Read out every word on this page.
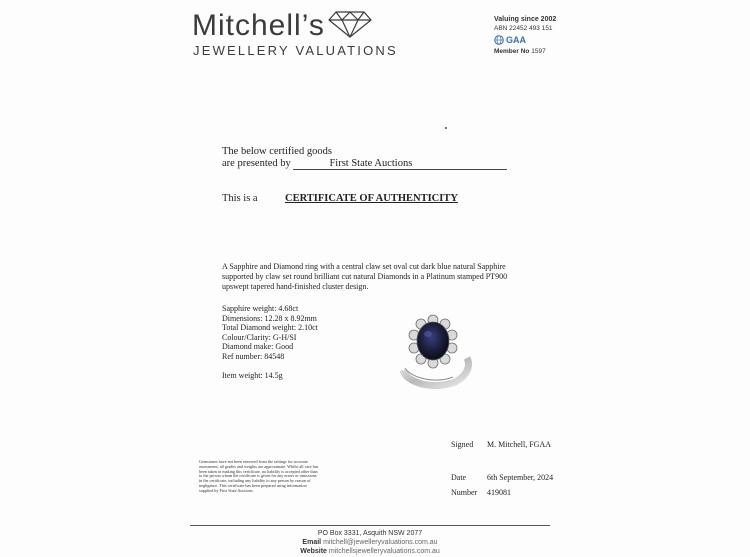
Mitchell’s
JEWELLERY VALUATIONS
Valuing since 2002
ABN 22452 493 151
GAA
Member No 1597
The below certified goods
are presented by	First State Auctions
This is a	CERTIFICATE OF AUTHENTICITY
A Sapphire and Diamond ring with a central claw set oval cut dark blue natural Sapphire supported by claw set round brilliant cut natural Diamonds in a Platinum stamped PT900 upswept tapered hand-finished cluster design.
Sapphire weight: 4.68ct
Dimensions: 12.28 x 8.92mm
Total Diamond weight: 2.10ct
Colour/Clarity: G-H/SI
Diamond make: Good
Ref number: 84548
Item weight: 14.5g
Signed M. Mitchell, FGAA
Date	6th September, 2024
Number 419081
Gemstones have not been removed from the settings for accurate assessment, all grades and weights are approximate. Whilst all care has been taken in making this certificate, no liability is accepted other than to the person whom the certificate is given for any errors or omissions in the certificate, including any liability to any person by reason of negligence. This certificate has been prepared using information supplied by First State Auctions.
PO Box 3331, Asquith NSW 2077
Email mitchell@jewelleryvaluations.com.au
Website mitchellsjewelleryvaluations.com.au
